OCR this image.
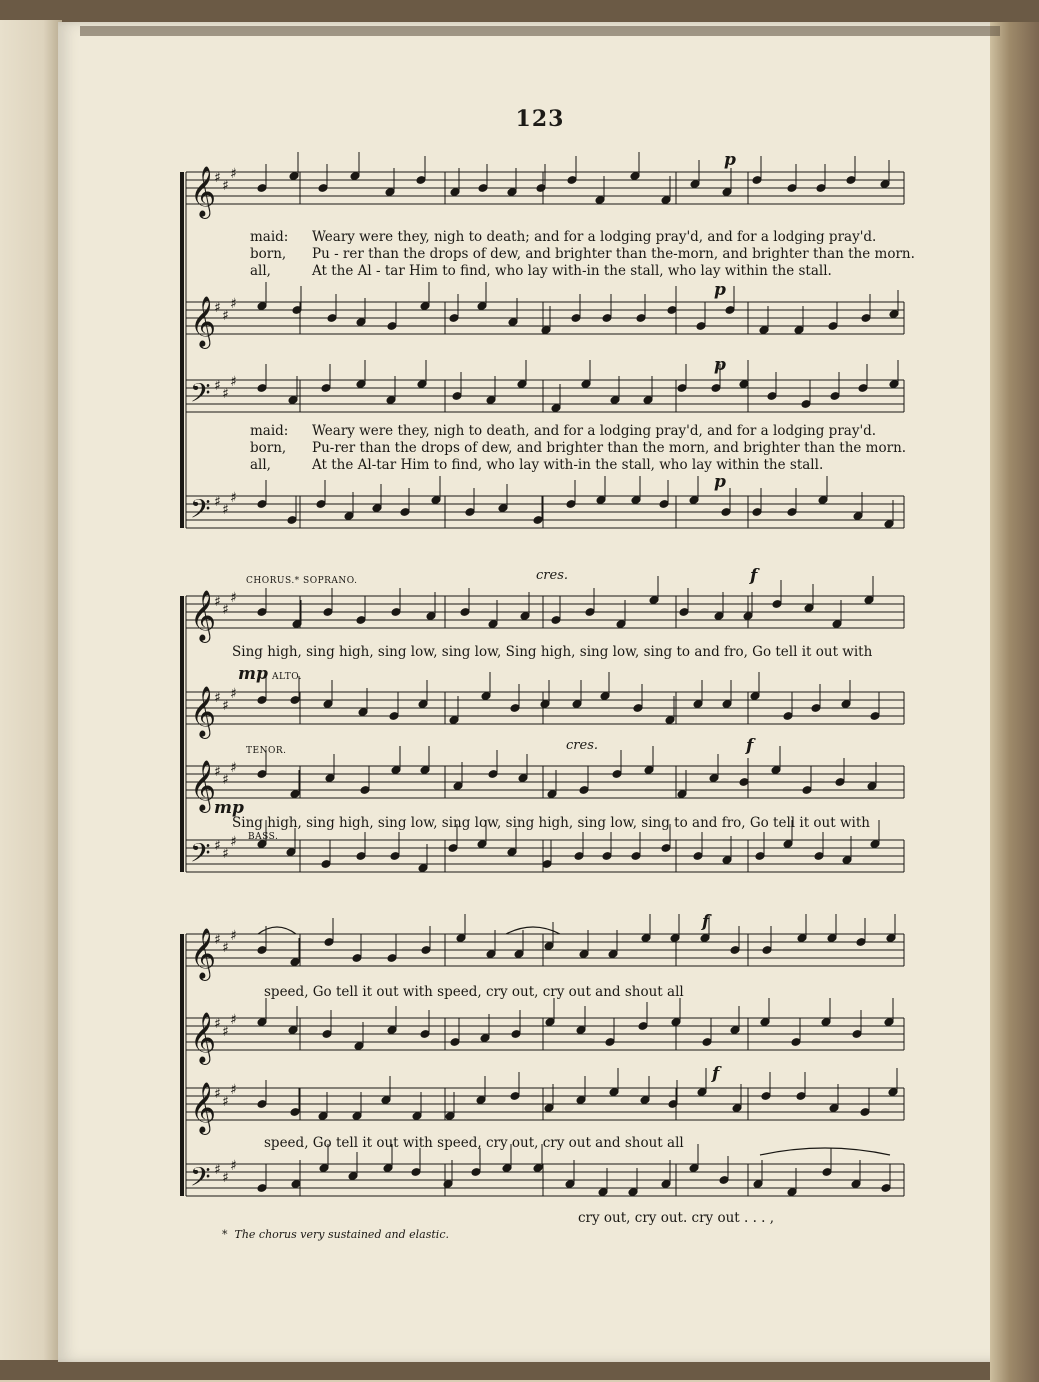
123
𝄞
♯ ♯
♯
𝄞
♯ ♯
♯
𝄢 ♯ ♯
♯
𝄢 ♯ ♯
♯
𝄞
♯ ♯
♯
𝄞
♯ ♯
♯
𝄞
♯ ♯
♯
𝄢 ♯ ♯
♯
𝄞
♯ ♯
♯
𝄞
♯ ♯
♯
𝄞
♯ ♯
♯
𝄢 ♯ ♯
♯
maid: Weary were they, nigh to death; and for a lodging pray'd, and for a lodging pray'd.
born, Pu - rer than the drops of dew, and brighter than the-morn, and brighter than the morn.
all,	At the Al - tar Him to find, who lay with-in the stall, who lay within the stall.
maid: Weary were they, nigh to death, and for a lodging pray'd, and for a lodging pray'd.
born, Pu-rer than the drops of dew, and brighter than the morn, and brighter than the morn.
all,	At the Al-tar Him to find, who lay with-in the stall, who lay within the stall.
p
p
p
p
CHORUS.* SOPRANO.	cres.	f
Sing high, sing high, sing low, sing low, Sing high, sing low, sing to and fro, Go tell it out with
mp ALTO.
TENOR.	cres.	f
mp
Sing high, sing high, sing low, sing low, sing high, sing low, sing to and fro, Go tell it out with
BASS.
f
speed, Go tell it out with speed, cry out, cry out and shout all
f
speed, Go tell it out with speed, cry out, cry out and shout all
cry out, cry out. cry out . . . ,
*  The chorus very sustained and elastic.
